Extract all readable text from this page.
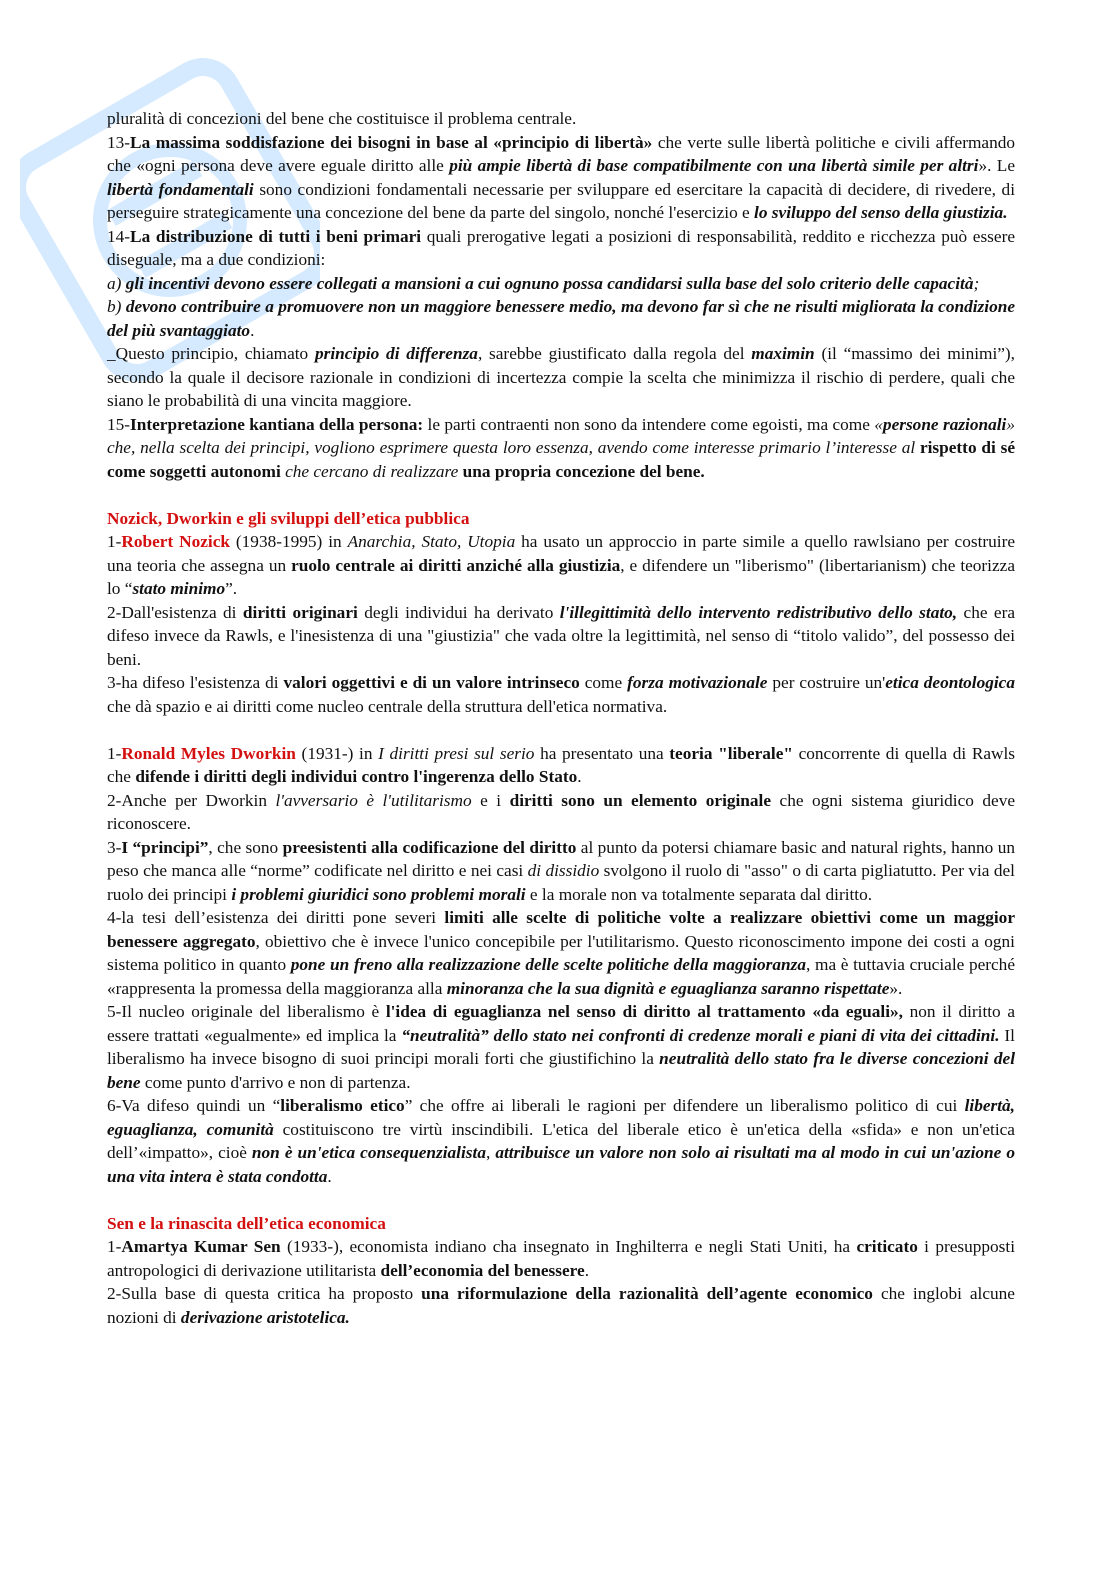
pluralità di concezioni del bene che costituisce il problema centrale.

13-La massima soddisfazione dei bisogni in base al «principio di libertà» che verte sulle libertà politiche e civili affermando che «ogni persona deve avere eguale diritto alle più ampie libertà di base compatibilmente con una libertà simile per altri». Le libertà fondamentali sono condizioni fondamentali necessarie per sviluppare ed esercitare la capacità di decidere, di rivedere, di perseguire strategicamente una concezione del bene da parte del singolo, nonché l'esercizio e lo sviluppo del senso della giustizia.

14-La distribuzione di tutti i beni primari quali prerogative legati a posizioni di responsabilità, reddito e ricchezza può essere diseguale, ma a due condizioni:

a) gli incentivi devono essere collegati a mansioni a cui ognuno possa candidarsi sulla base del solo criterio delle capacità;

b) devono contribuire a promuovere non un maggiore benessere medio, ma devono far sì che ne risulti migliorata la condizione del più svantaggiato.

_Questo principio, chiamato principio di differenza, sarebbe giustificato dalla regola del maximin (il “massimo dei minimi”), secondo la quale il decisore razionale in condizioni di incertezza compie la scelta che minimizza il rischio di perdere, quali che siano le probabilità di una vincita maggiore.

15-Interpretazione kantiana della persona: le parti contraenti non sono da intendere come egoisti, ma come «persone razionali» che, nella scelta dei principi, vogliono esprimere questa loro essenza, avendo come interesse primario l’interesse al rispetto di sé come soggetti autonomi che cercano di realizzare una propria concezione del bene.

Nozick, Dworkin e gli sviluppi dell’etica pubblica

1-Robert Nozick (1938-1995) in Anarchia, Stato, Utopia ha usato un approccio in parte simile a quello rawlsiano per costruire una teoria che assegna un ruolo centrale ai diritti anziché alla giustizia, e difendere un "liberismo" (libertarianism) che teorizza lo “stato minimo”.

2-Dall'esistenza di diritti originari degli individui ha derivato l'illegittimità dello intervento redistributivo dello stato, che era difeso invece da Rawls, e l'inesistenza di una "giustizia" che vada oltre la legittimità, nel senso di “titolo valido”, del possesso dei beni.

3-ha difeso l'esistenza di valori oggettivi e di un valore intrinseco come forza motivazionale per costruire un'etica deontologica che dà spazio e ai diritti come nucleo centrale della struttura dell'etica normativa.

1-Ronald Myles Dworkin (1931-) in I diritti presi sul serio ha presentato una teoria "liberale" concorrente di quella di Rawls che difende i diritti degli individui contro l'ingerenza dello Stato.

2-Anche per Dworkin l'avversario è l'utilitarismo e i diritti sono un elemento originale che ogni sistema giuridico deve riconoscere.

3-I “principi”, che sono preesistenti alla codificazione del diritto al punto da potersi chiamare basic and natural rights, hanno un peso che manca alle “norme” codificate nel diritto e nei casi di dissidio svolgono il ruolo di "asso" o di carta pigliatutto. Per via del ruolo dei principi i problemi giuridici sono problemi morali e la morale non va totalmente separata dal diritto.

4-la tesi dell’esistenza dei diritti pone severi limiti alle scelte di politiche volte a realizzare obiettivi come un maggior benessere aggregato, obiettivo che è invece l'unico concepibile per l'utilitarismo. Questo riconoscimento impone dei costi a ogni sistema politico in quanto pone un freno alla realizzazione delle scelte politiche della maggioranza, ma è tuttavia cruciale perché «rappresenta la promessa della maggioranza alla minoranza che la sua dignità e eguaglianza saranno rispettate».

5-Il nucleo originale del liberalismo è l'idea di eguaglianza nel senso di diritto al trattamento «da eguali», non il diritto a essere trattati «egualmente» ed implica la “neutralità” dello stato nei confronti di credenze morali e piani di vita dei cittadini. Il liberalismo ha invece bisogno di suoi principi morali forti che giustifichino la neutralità dello stato fra le diverse concezioni del bene come punto d'arrivo e non di partenza.

6-Va difeso quindi un “liberalismo etico” che offre ai liberali le ragioni per difendere un liberalismo politico di cui libertà, eguaglianza, comunità costituiscono tre virtù inscindibili. L'etica del liberale etico è un'etica della «sfida» e non un'etica dell’«impatto», cioè non è un'etica consequenzialista, attribuisce un valore non solo ai risultati ma al modo in cui un'azione o una vita intera è stata condotta.

Sen e la rinascita dell’etica economica

1-Amartya Kumar Sen (1933-), economista indiano cha insegnato in Inghilterra e negli Stati Uniti, ha criticato i presupposti antropologici di derivazione utilitarista dell’economia del benessere.

2-Sulla base di questa critica ha proposto una riformulazione della razionalità dell’agente economico che inglobi alcune nozioni di derivazione aristotelica.
